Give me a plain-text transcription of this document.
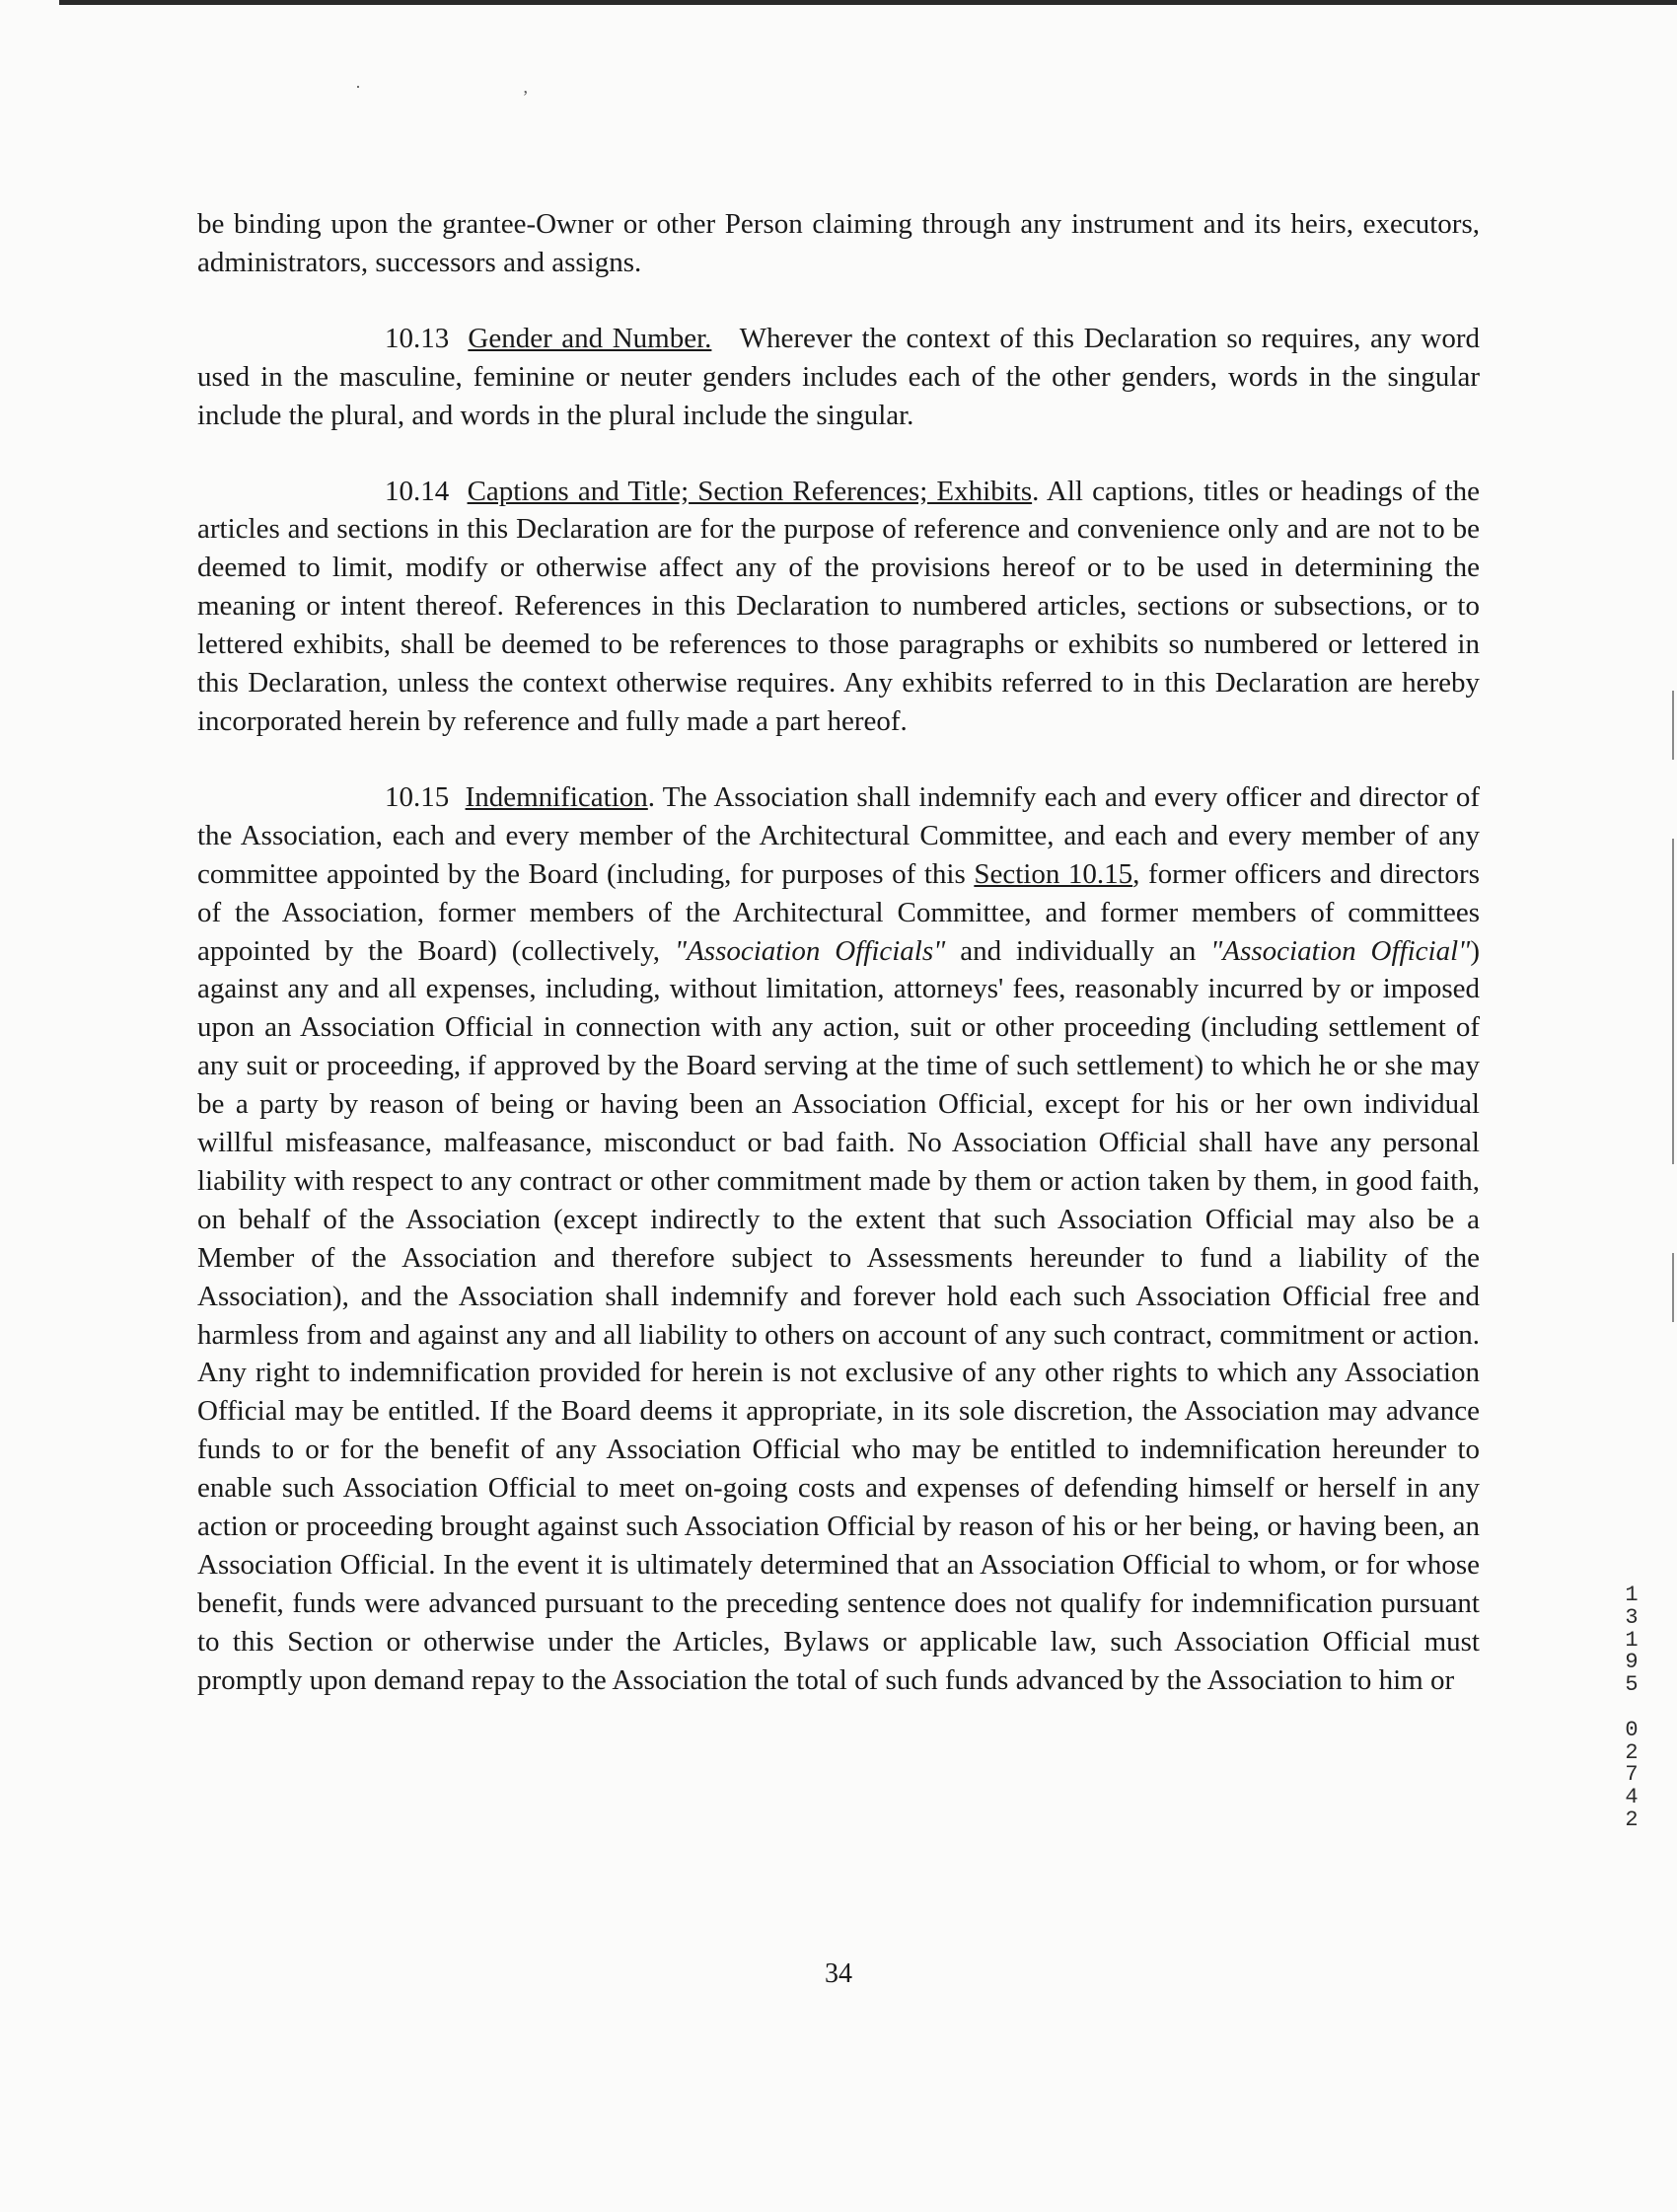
· ,

be binding upon the grantee-Owner or other Person claiming through any instrument and its heirs, executors, administrators, successors and assigns.

10.13 Gender and Number. Wherever the context of this Declaration so requires, any word used in the masculine, feminine or neuter genders includes each of the other genders, words in the singular include the plural, and words in the plural include the singular.

10.14 Captions and Title; Section References; Exhibits. All captions, titles or headings of the articles and sections in this Declaration are for the purpose of reference and convenience only and are not to be deemed to limit, modify or otherwise affect any of the provisions hereof or to be used in determining the meaning or intent thereof. References in this Declaration to numbered articles, sections or subsections, or to lettered exhibits, shall be deemed to be references to those paragraphs or exhibits so numbered or lettered in this Declaration, unless the context otherwise requires. Any exhibits referred to in this Declaration are hereby incorporated herein by reference and fully made a part hereof.

10.15 Indemnification. The Association shall indemnify each and every officer and director of the Association, each and every member of the Architectural Committee, and each and every member of any committee appointed by the Board (including, for purposes of this Section 10.15, former officers and directors of the Association, former members of the Architectural Committee, and former members of committees appointed by the Board) (collectively, "Association Officials" and individually an "Association Official") against any and all expenses, including, without limitation, attorneys' fees, reasonably incurred by or imposed upon an Association Official in connection with any action, suit or other proceeding (including settlement of any suit or proceeding, if approved by the Board serving at the time of such settlement) to which he or she may be a party by reason of being or having been an Association Official, except for his or her own individual willful misfeasance, malfeasance, misconduct or bad faith. No Association Official shall have any personal liability with respect to any contract or other commitment made by them or action taken by them, in good faith, on behalf of the Association (except indirectly to the extent that such Association Official may also be a Member of the Association and therefore subject to Assessments hereunder to fund a liability of the Association), and the Association shall indemnify and forever hold each such Association Official free and harmless from and against any and all liability to others on account of any such contract, commitment or action. Any right to indemnification provided for herein is not exclusive of any other rights to which any Association Official may be entitled. If the Board deems it appropriate, in its sole discretion, the Association may advance funds to or for the benefit of any Association Official who may be entitled to indemnification hereunder to enable such Association Official to meet on-going costs and expenses of defending himself or herself in any action or proceeding brought against such Association Official by reason of his or her being, or having been, an Association Official. In the event it is ultimately determined that an Association Official to whom, or for whose benefit, funds were advanced pursuant to the preceding sentence does not qualify for indemnification pursuant to this Section or otherwise under the Articles, Bylaws or applicable law, such Association Official must promptly upon demand repay to the Association the total of such funds advanced by the Association to him or

34
1
3
1
9
5

0
2
7
4
2
